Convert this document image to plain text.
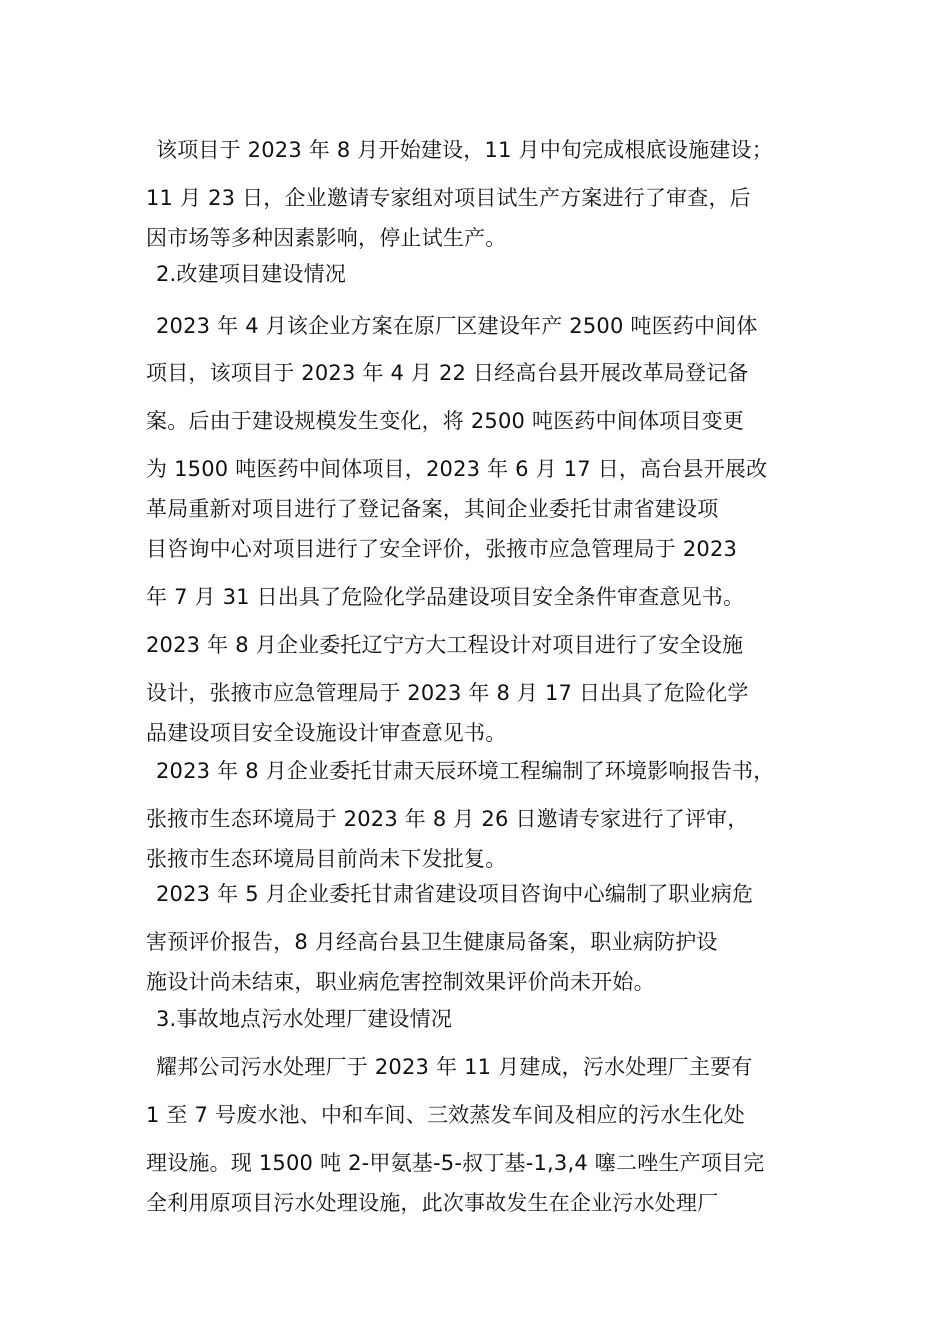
该项目于 2023 年 8 月开始建设，11 月中旬完成根底设施建设；
11 月 23 日，企业邀请专家组对项目试生产方案进行了审查，后
因市场等多种因素影响，停止试生产。
2.改建项目建设情况
2023 年 4 月该企业方案在原厂区建设年产 2500 吨医药中间体
项目，该项目于 2023 年 4 月 22 日经高台县开展改革局登记备
案。后由于建设规模发生变化，将 2500 吨医药中间体项目变更
为 1500 吨医药中间体项目，2023 年 6 月 17 日，高台县开展改
革局重新对项目进行了登记备案，其间企业委托甘肃省建设项
目咨询中心对项目进行了安全评价，张掖市应急管理局于 2023
年 7 月 31 日出具了危险化学品建设项目安全条件审查意见书。
2023 年 8 月企业委托辽宁方大工程设计对项目进行了安全设施
设计，张掖市应急管理局于 2023 年 8 月 17 日出具了危险化学
品建设项目安全设施设计审查意见书。
2023 年 8 月企业委托甘肃天辰环境工程编制了环境影响报告书，
张掖市生态环境局于 2023 年 8 月 26 日邀请专家进行了评审，
张掖市生态环境局目前尚未下发批复。
2023 年 5 月企业委托甘肃省建设项目咨询中心编制了职业病危
害预评价报告，8 月经高台县卫生健康局备案，职业病防护设
施设计尚未结束，职业病危害控制效果评价尚未开始。
3.事故地点污水处理厂建设情况
耀邦公司污水处理厂于 2023 年 11 月建成，污水处理厂主要有
1 至 7 号废水池、中和车间、三效蒸发车间及相应的污水生化处
理设施。现 1500 吨 2-甲氨基-5-叔丁基-1,3,4 噻二唑生产项目完
全利用原项目污水处理设施，此次事故发生在企业污水处理厂
